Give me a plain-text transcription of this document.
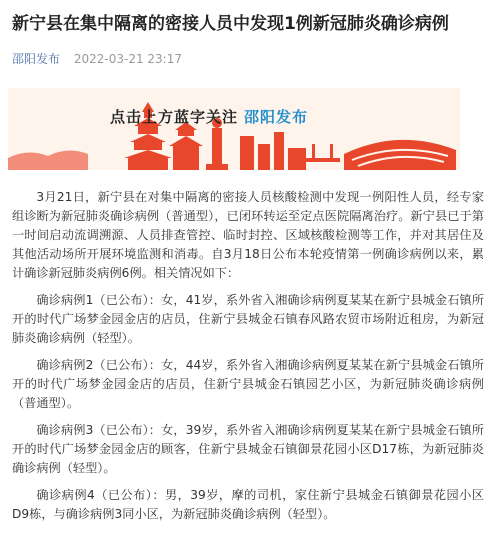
新宁县在集中隔离的密接人员中发现1例新冠肺炎确诊病例
邵阳发布 2022-03-21 23:17
点击上方蓝字关注 邵阳发布

3月21日，新宁县在对集中隔离的密接人员核酸检测中发现一例阳性人员，经专家组诊断为新冠肺炎确诊病例（普通型），已闭环转运至定点医院隔离治疗。新宁县已于第一时间启动流调溯源、人员排查管控、临时封控、区域核酸检测等工作，并对其居住及其他活动场所开展环境监测和消毒。自3月18日公布本轮疫情第一例确诊病例以来，累计确诊新冠肺炎病例6例。相关情况如下：

确诊病例1（已公布）：女，41岁，系外省入湘确诊病例夏某某在新宁县城金石镇所开的时代广场梦金园金店的店员，住新宁县城金石镇春风路农贸市场附近租房，为新冠肺炎确诊病例（轻型）。

确诊病例2（已公布）：女，44岁，系外省入湘确诊病例夏某某在新宁县城金石镇所开的时代广场梦金园金店的店员，住新宁县城金石镇园艺小区，为新冠肺炎确诊病例（普通型）。

确诊病例3（已公布）：女，39岁，系外省入湘确诊病例夏某某在新宁县城金石镇所开的时代广场梦金园金店的顾客，住新宁县城金石镇御景花园小区D17栋，为新冠肺炎确诊病例（轻型）。

确诊病例4（已公布）：男，39岁，摩的司机，家住新宁县城金石镇御景花园小区D9栋，与确诊病例3同小区，为新冠肺炎确诊病例（轻型）。
